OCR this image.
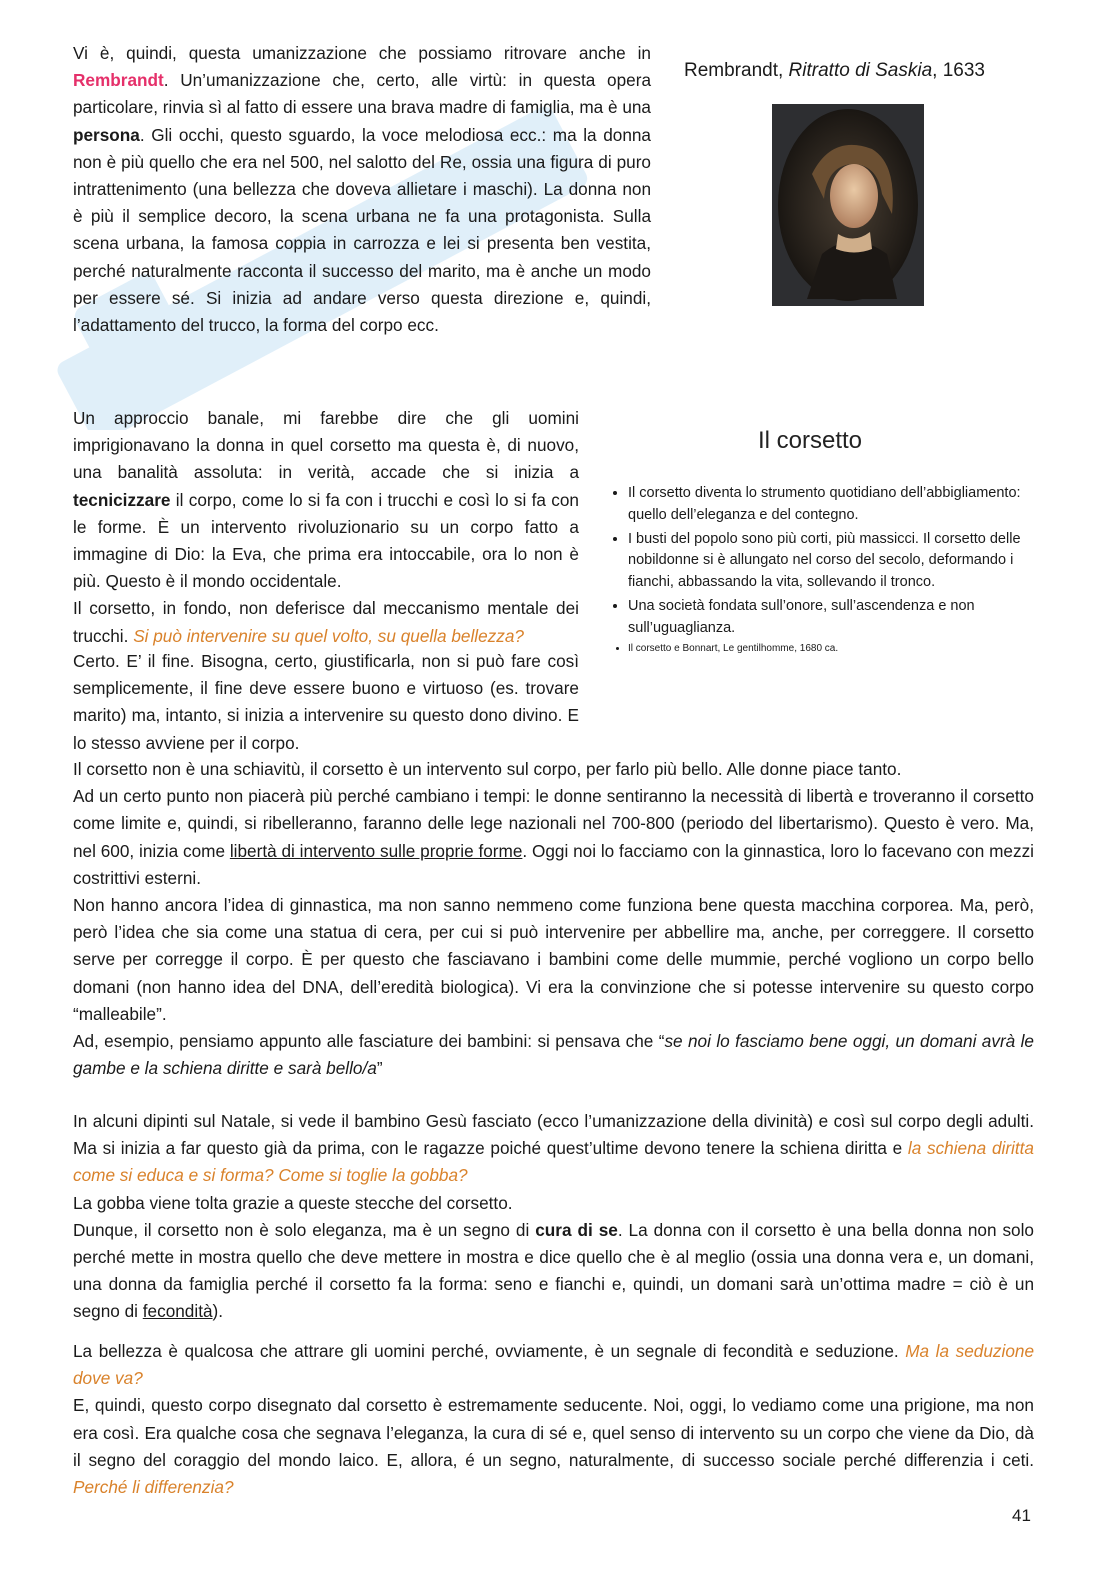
Vi è, quindi, questa umanizzazione che possiamo ritrovare anche in Rembrandt. Un’umanizzazione che, certo, alle virtù: in questa opera particolare, rinvia sì al fatto di essere una brava madre di famiglia, ma è una persona. Gli occhi, questo sguardo, la voce melodiosa ecc.: ma la donna non è più quello che era nel 500, nel salotto del Re, ossia una figura di puro intrattenimento (una bellezza che doveva allietare i maschi). La donna non è più il semplice decoro, la scena urbana ne fa una protagonista. Sulla scena urbana, la famosa coppia in carrozza e lei si presenta ben vestita, perché naturalmente racconta il successo del marito, ma è anche un modo per essere sé. Si inizia ad andare verso questa direzione e, quindi, l’adattamento del trucco, la forma del corpo ecc.

Rembrandt, Ritratto di Saskia, 1633

Un approccio banale, mi farebbe dire che gli uomini imprigionavano la donna in quel corsetto ma questa è, di nuovo, una banalità assoluta: in verità, accade che si inizia a tecnicizzare il corpo, come lo si fa con i trucchi e così lo si fa con le forme. È un intervento rivoluzionario su un corpo fatto a immagine di Dio: la Eva, che prima era intoccabile, ora lo non è più. Questo è il mondo occidentale.

Il corsetto, in fondo, non deferisce dal meccanismo mentale dei trucchi. Si può intervenire su quel volto, su quella bellezza?

Certo. E’ il fine. Bisogna, certo, giustificarla, non si può fare così semplicemente, il fine deve essere buono e virtuoso (es. trovare marito) ma, intanto, si inizia a intervenire su questo dono divino. E lo stesso avviene per il corpo.

Il corsetto
• Il corsetto diventa lo strumento quotidiano dell’abbigliamento: quello dell’eleganza e del contegno.
• I busti del popolo sono più corti, più massicci. Il corsetto delle nobildonne si è allungato nel corso del secolo, deformando i fianchi, abbassando la vita, sollevando il tronco.
• Una società fondata sull’onore, sull’ascendenza e non sull’uguaglianza.
• Il corsetto e Bonnart, Le gentilhomme, 1680 ca.

Il corsetto non è una schiavitù, il corsetto è un intervento sul corpo, per farlo più bello. Alle donne piace tanto.

Ad un certo punto non piacerà più perché cambiano i tempi: le donne sentiranno la necessità di libertà e troveranno il corsetto come limite e, quindi, si ribelleranno, faranno delle lege nazionali nel 700-800 (periodo del libertarismo). Questo è vero. Ma, nel 600, inizia come libertà di intervento sulle proprie forme. Oggi noi lo facciamo con la ginnastica, loro lo facevano con mezzi costrittivi esterni.

Non hanno ancora l’idea di ginnastica, ma non sanno nemmeno come funziona bene questa macchina corporea. Ma, però, però l’idea che sia come una statua di cera, per cui si può intervenire per abbellire ma, anche, per correggere. Il corsetto serve per corregge il corpo. È per questo che fasciavano i bambini come delle mummie, perché vogliono un corpo bello domani (non hanno idea del DNA, dell’eredità biologica). Vi era la convinzione che si potesse intervenire su questo corpo “malleabile”.

Ad, esempio, pensiamo appunto alle fasciature dei bambini: si pensava che “se noi lo fasciamo bene oggi, un domani avrà le gambe e la schiena diritte e sarà bello/a”

In alcuni dipinti sul Natale, si vede il bambino Gesù fasciato (ecco l’umanizzazione della divinità) e così sul corpo degli adulti. Ma si inizia a far questo già da prima, con le ragazze poiché quest’ultime devono tenere la schiena diritta e la schiena diritta come si educa e si forma? Come si toglie la gobba?

La gobba viene tolta grazie a queste stecche del corsetto.

Dunque, il corsetto non è solo eleganza, ma è un segno di cura di se. La donna con il corsetto è una bella donna non solo perché mette in mostra quello che deve mettere in mostra e dice quello che è al meglio (ossia una donna vera e, un domani, una donna da famiglia perché il corsetto fa la forma: seno e fianchi e, quindi, un domani sarà un’ottima madre = ciò è un segno di fecondità).

La bellezza è qualcosa che attrare gli uomini perché, ovviamente, è un segnale di fecondità e seduzione. Ma la seduzione dove va?

E, quindi, questo corpo disegnato dal corsetto è estremamente seducente. Noi, oggi, lo vediamo come una prigione, ma non era così. Era qualche cosa che segnava l’eleganza, la cura di sé e, quel senso di intervento su un corpo che viene da Dio, dà il segno del coraggio del mondo laico. E, allora, é un segno, naturalmente, di successo sociale perché differenzia i ceti. Perché li differenzia?

41
